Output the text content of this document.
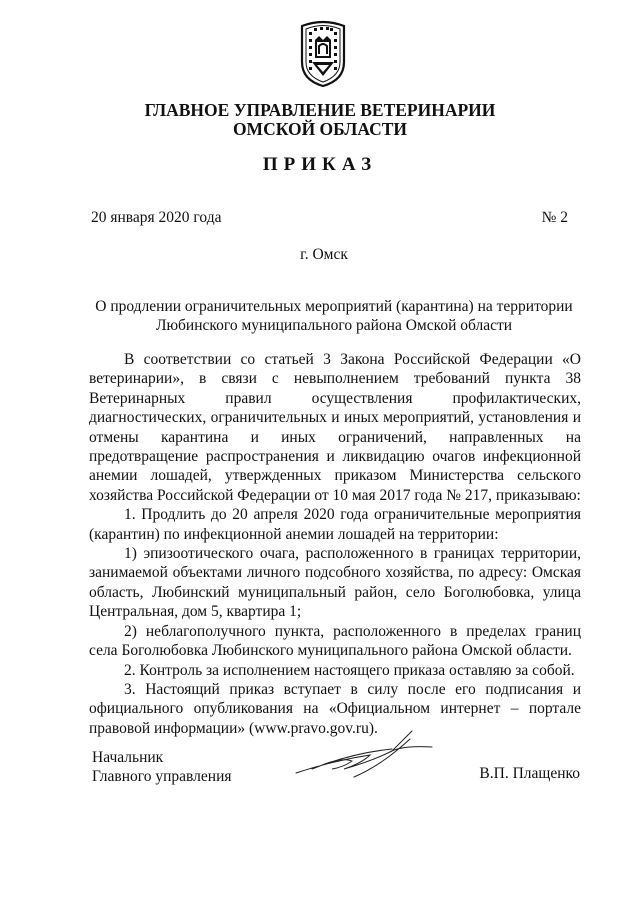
ГЛАВНОЕ УПРАВЛЕНИЕ ВЕТЕРИНАРИИ
ОМСКОЙ ОБЛАСТИ
ПРИКАЗ
20 января 2020 года	№ 2
г. Омск
О продлении ограничительных мероприятий (карантина) на территории
Любинского муниципального района Омской области

В соответствии со статьей 3 Закона Российской Федерации «О ветеринарии», в связи с невыполнением требований пункта 38 Ветеринарных правил осуществления профилактических, диагностических, ограничительных и иных мероприятий, установления и отмены карантина и иных ограничений, направленных на предотвращение распространения и ликвидацию очагов инфекционной анемии лошадей, утвержденных приказом Министерства сельского хозяйства Российской Федерации от 10 мая 2017 года № 217, приказываю:

1. Продлить до 20 апреля 2020 года ограничительные мероприятия (карантин) по инфекционной анемии лошадей на территории:

1) эпизоотического очага, расположенного в границах территории, занимаемой объектами личного подсобного хозяйства, по адресу: Омская область, Любинский муниципальный район, село Боголюбовка, улица Центральная, дом 5, квартира 1;

2) неблагополучного пункта, расположенного в пределах границ села Боголюбовка Любинского муниципального района Омской области.

2. Контроль за исполнением настоящего приказа оставляю за собой.

3. Настоящий приказ вступает в силу после его подписания и официального опубликования на «Официальном интернет – портале правовой информации» (www.pravo.gov.ru).

Начальник
Главного управления	В.П. Плащенко
